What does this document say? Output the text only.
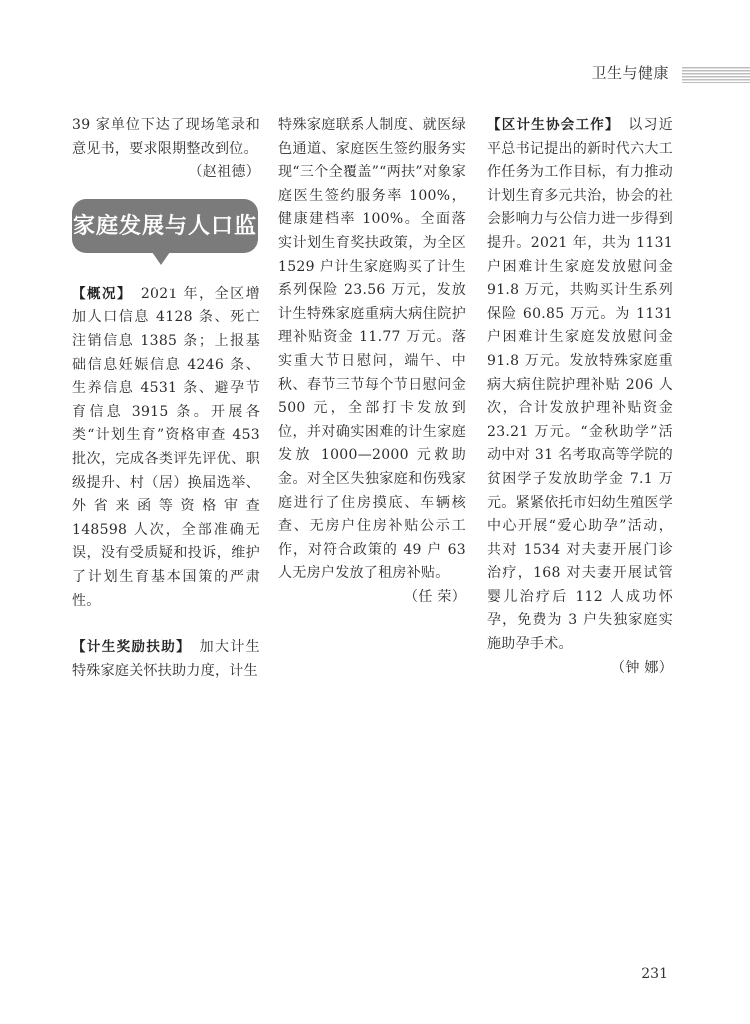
卫生与健康

39 家单位下达了现场笔录和意见书，要求限期整改到位。

（赵祖德）

家庭发展与人口监测

【概况】　 2021 年，全区增加人口信息 4128 条、死亡注销信息 1385 条；上报基础信息妊娠信息 4246 条、生养信息 4531 条、避孕节育信息 3915 条。开展各类“计划生育”资格审查 453 批次，完成各类评先评优、职级提升、村（居）换届选举、外省来函等资格审查 148598 人次，全部准确无误，没有受质疑和投诉，维护了计划生育基本国策的严肃性。

【计生奖励扶助】　 加大计生特殊家庭关怀扶助力度，计生

特殊家庭联系人制度、就医绿色通道、家庭医生签约服务实现“三个全覆盖”“两扶”对象家庭医生签约服务率 100%，健康建档率 100%。全面落实计划生育奖扶政策，为全区 1529 户计生家庭购买了计生系列保险 23.56 万元，发放计生特殊家庭重病大病住院护理补贴资金 11.77 万元。落实重大节日慰问，端午、中秋、春节三节每个节日慰问金 500 元，全部打卡发放到位，并对确实困难的计生家庭发放 1000—2000 元救助金。对全区失独家庭和伤残家庭进行了住房摸底、车辆核查、无房户住房补贴公示工作，对符合政策的 49 户 63 人无房户发放了租房补贴。

（任 荣）

【区计生协会工作】　 以习近平总书记提出的新时代六大工作任务为工作目标，有力推动计划生育多元共治，协会的社会影响力与公信力进一步得到提升。2021 年，共为 1131 户困难计生家庭发放慰问金 91.8 万元，共购买计生系列保险 60.85 万元。为 1131 户困难计生家庭发放慰问金 91.8 万元。发放特殊家庭重病大病住院护理补贴 206 人次，合计发放护理补贴资金 23.21 万元。“金秋助学”活动中对 31 名考取高等学院的贫困学子发放助学金 7.1 万元。紧紧依托市妇幼生殖医学中心开展“爱心助孕”活动，共对 1534 对夫妻开展门诊治疗，168 对夫妻开展试管婴儿治疗后 112 人成功怀孕，免费为 3 户失独家庭实施助孕手术。

（钟 娜）

231
